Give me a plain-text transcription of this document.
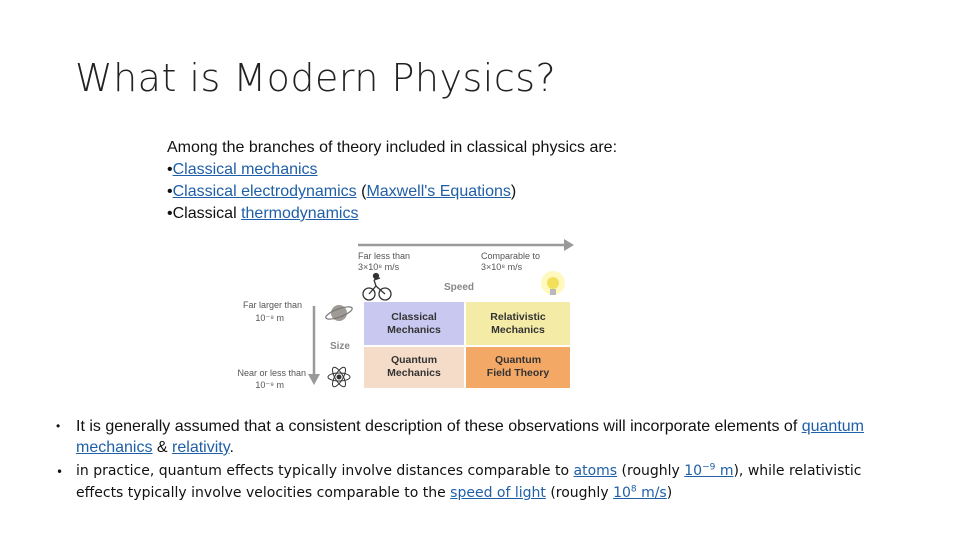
What is Modern Physics?
Among the branches of theory included in classical physics are:
•Classical mechanics
•Classical electrodynamics (Maxwell's Equations)
•Classical thermodynamics
Far less than
3×10⁸ m/s
Comparable to
3×10⁸ m/s
Speed
Far larger than
10⁻⁹ m
Size
Near or less than
10⁻⁹ m
Classical
Mechanics
Relativistic
Mechanics
Quantum
Mechanics
Quantum
Field Theory
• It is generally assumed that a consistent description of these observations will incorporate elements of quantum mechanics & relativity.
• in practice, quantum effects typically involve distances comparable to atoms (roughly $10^{-9}$ m), while relativistic effects typically involve velocities comparable to the speed of light (roughly $10^8$ m/s)
